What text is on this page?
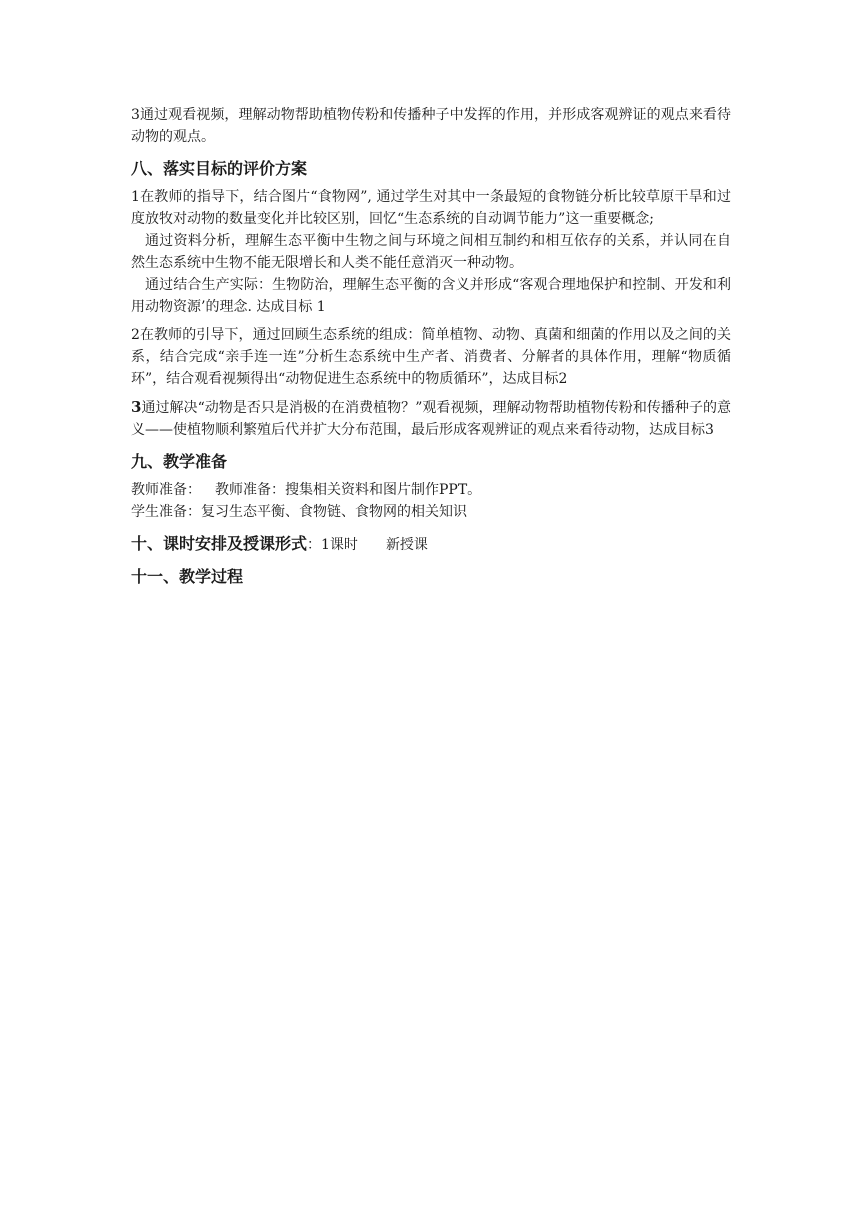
3通过观看视频，理解动物帮助植物传粉和传播种子中发挥的作用，并形成客观辨证的观点来看待动物的观点。

八、落实目标的评价方案

1在教师的指导下，结合图片“食物网”, 通过学生对其中一条最短的食物链分析比较草原干旱和过度放牧对动物的数量变化并比较区别，回忆“生态系统的自动调节能力”这一重要概念;

通过资料分析，理解生态平衡中生物之间与环境之间相互制约和相互依存的关系，并认同在自然生态系统中生物不能无限增长和人类不能任意消灭一种动物。

通过结合生产实际：生物防治，理解生态平衡的含义并形成“客观合理地保护和控制、开发和利用动物资源’的理念. 达成目标 1

2在教师的引导下，通过回顾生态系统的组成：简单植物、动物、真菌和细菌的作用以及之间的关系，结合完成“亲手连一连”分析生态系统中生产者、消费者、分解者的具体作用，理解“物质循环”，结合观看视频得出“动物促进生态系统中的物质循环”，达成目标2

3通过解决“动物是否只是消极的在消费植物？”观看视频，理解动物帮助植物传粉和传播种子的意义——使植物顺利繁殖后代并扩大分布范围，最后形成客观辨证的观点来看待动物，达成目标3

九、教学准备

教师准备： 教师准备：搜集相关资料和图片制作PPT。

学生准备：复习生态平衡、食物链、食物网的相关知识

十、课时安排及授课形式：1课时 新授课
十一、教学过程
